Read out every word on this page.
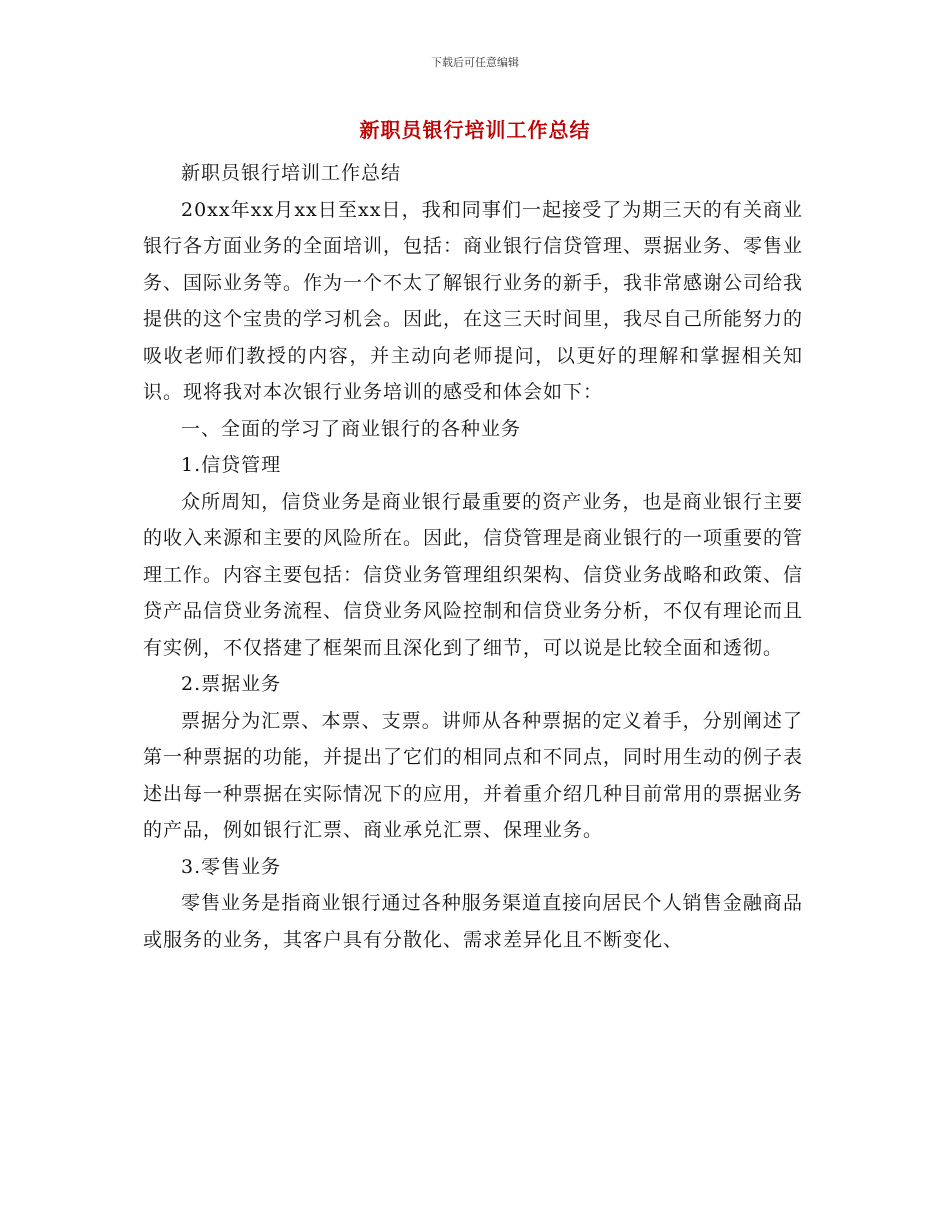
下载后可任意编辑
新职员银行培训工作总结

新职员银行培训工作总结

20xx年xx月xx日至xx日，我和同事们一起接受了为期三天的有关商业银行各方面业务的全面培训，包括：商业银行信贷管理、票据业务、零售业务、国际业务等。作为一个不太了解银行业务的新手，我非常感谢公司给我提供的这个宝贵的学习机会。因此，在这三天时间里，我尽自己所能努力的吸收老师们教授的内容，并主动向老师提问，以更好的理解和掌握相关知识。现将我对本次银行业务培训的感受和体会如下：

一、全面的学习了商业银行的各种业务

1.信贷管理

众所周知，信贷业务是商业银行最重要的资产业务，也是商业银行主要的收入来源和主要的风险所在。因此，信贷管理是商业银行的一项重要的管理工作。内容主要包括：信贷业务管理组织架构、信贷业务战略和政策、信贷产品信贷业务流程、信贷业务风险控制和信贷业务分析，不仅有理论而且有实例，不仅搭建了框架而且深化到了细节，可以说是比较全面和透彻。

2.票据业务

票据分为汇票、本票、支票。讲师从各种票据的定义着手，分别阐述了第一种票据的功能，并提出了它们的相同点和不同点，同时用生动的例子表述出每一种票据在实际情况下的应用，并着重介绍几种目前常用的票据业务的产品，例如银行汇票、商业承兑汇票、保理业务。

3.零售业务

零售业务是指商业银行通过各种服务渠道直接向居民个人销售金融商品或服务的业务，其客户具有分散化、需求差异化且不断变化、
